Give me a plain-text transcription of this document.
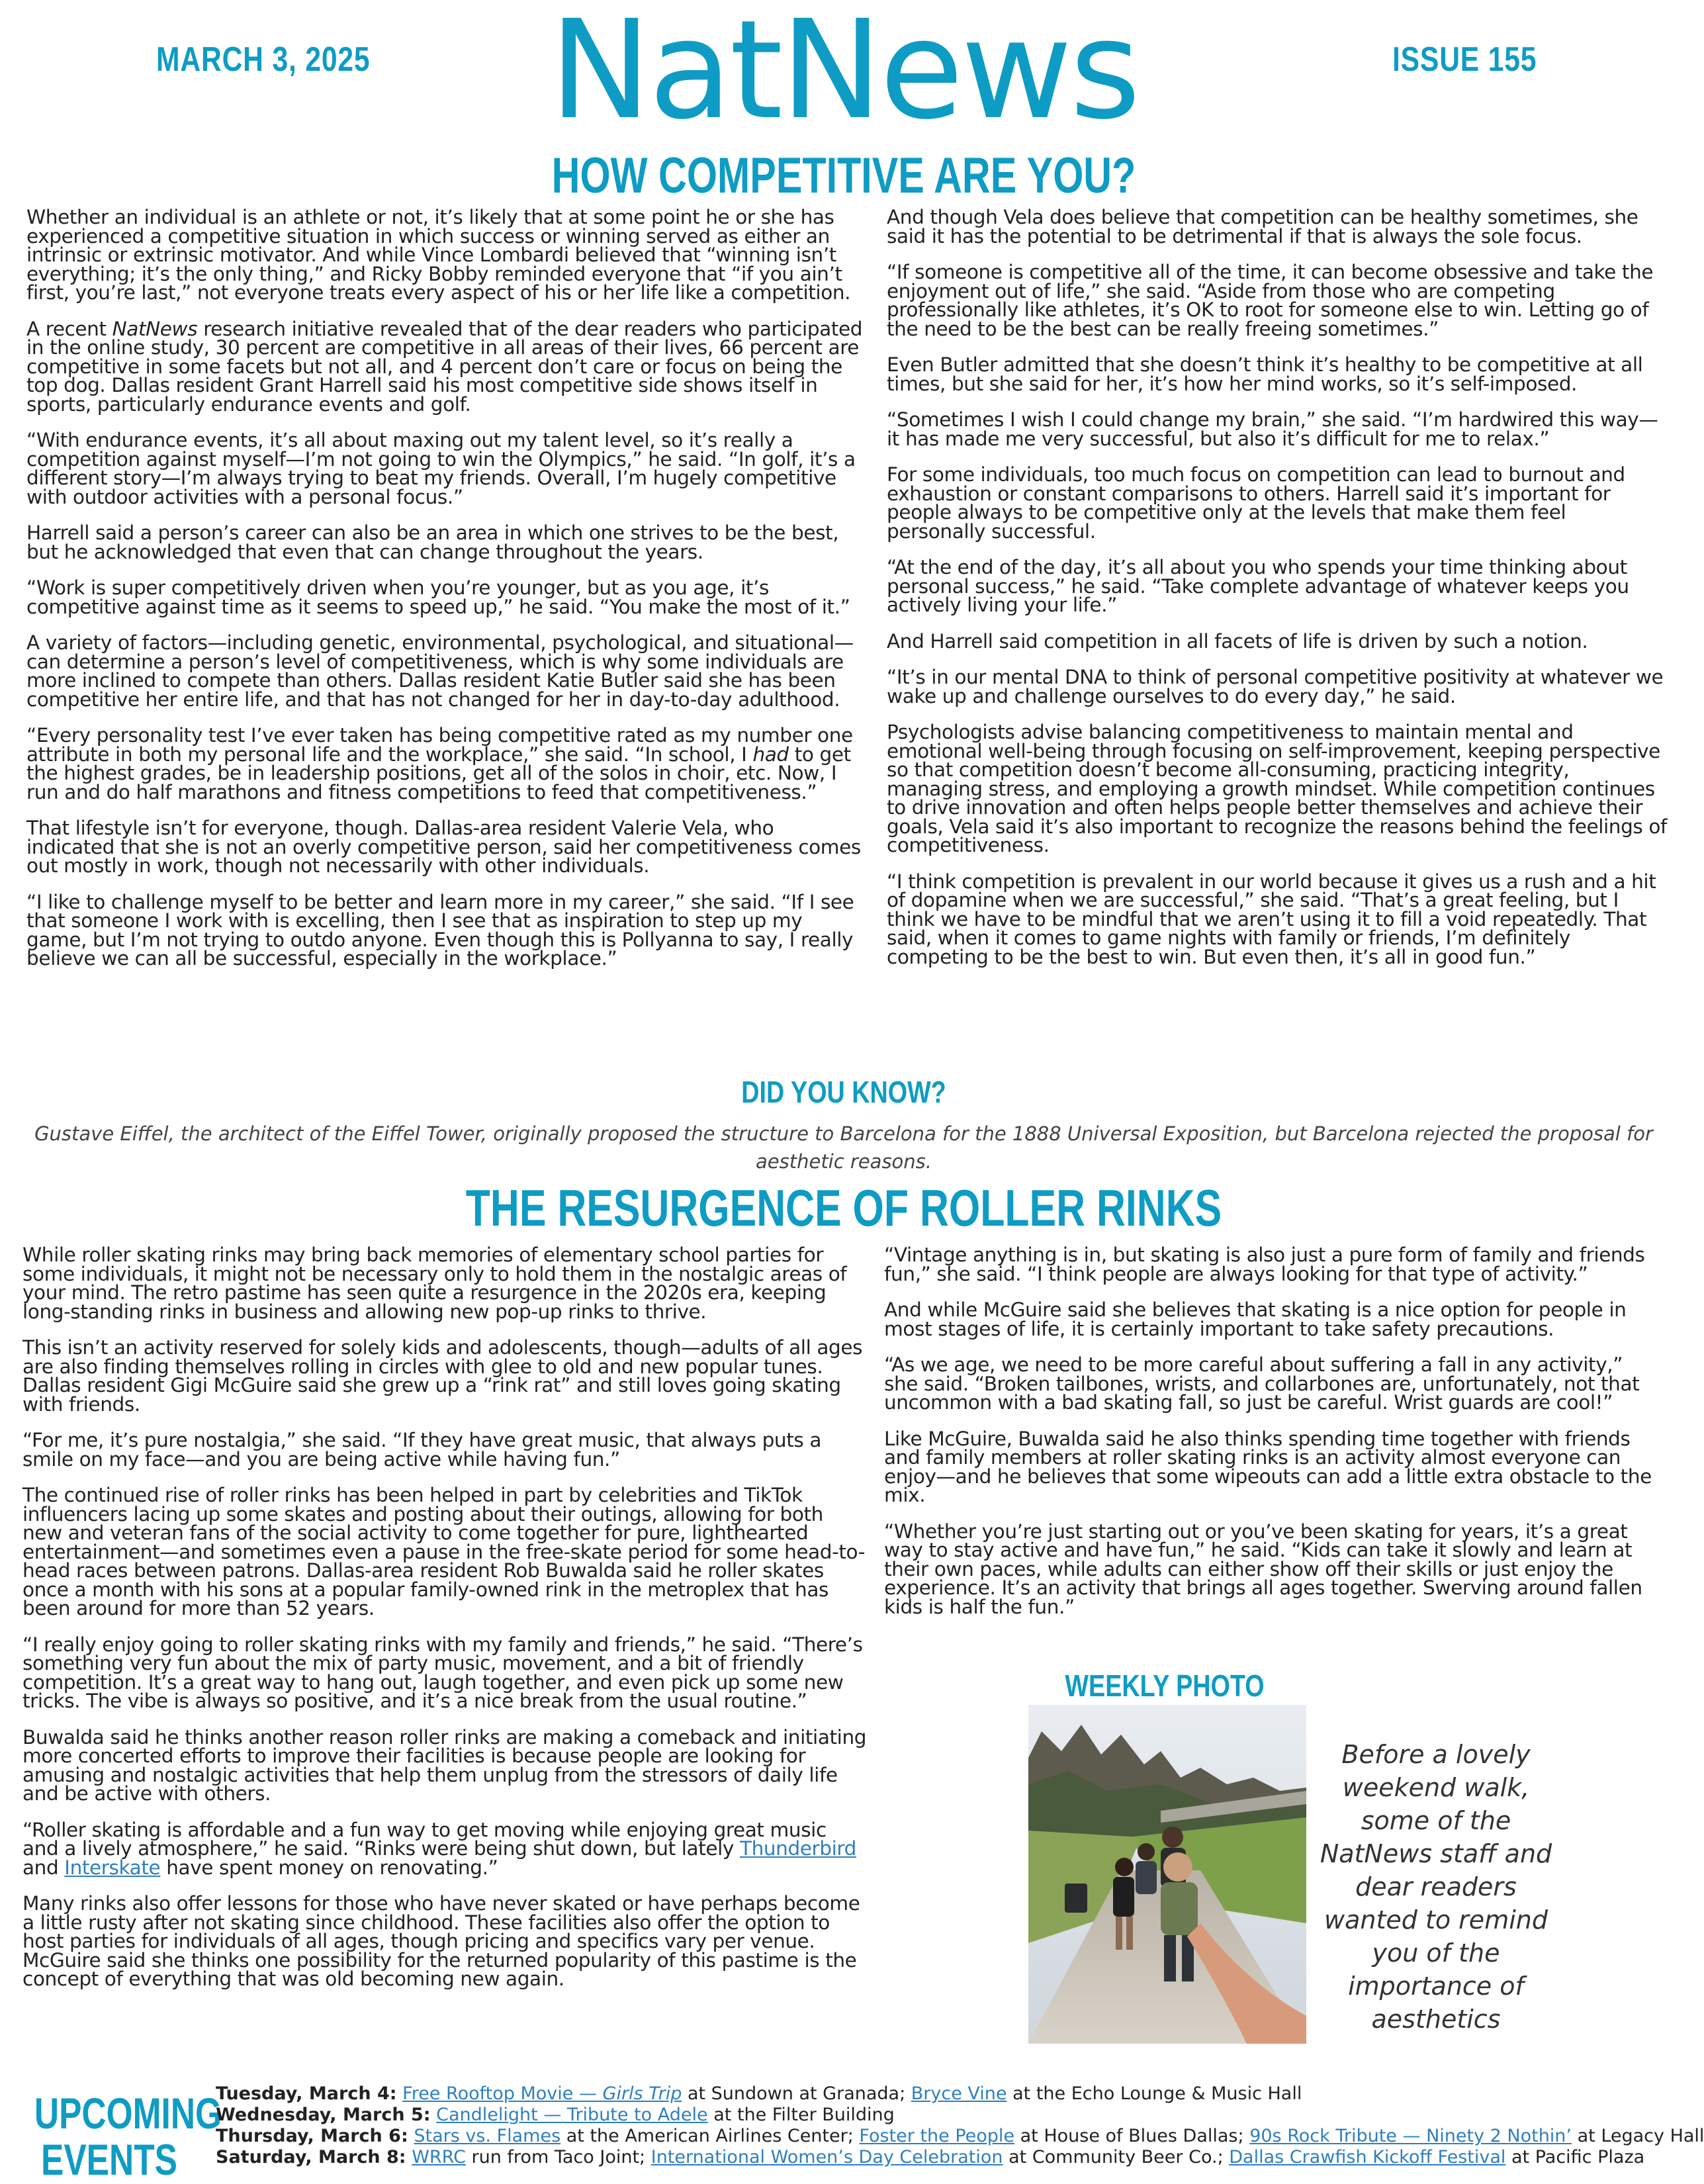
MARCH 3, 2025	NatNews	ISSUE 155
HOW COMPETITIVE ARE YOU?

Whether an individual is an athlete or not, it’s likely that at some point he or she has experienced a competitive situation in which success or winning served as either an intrinsic or extrinsic motivator. And while Vince Lombardi believed that “winning isn’t everything; it’s the only thing,” and Ricky Bobby reminded everyone that “if you ain’t first, you’re last,” not everyone treats every aspect of his or her life like a competition.

A recent NatNews research initiative revealed that of the dear readers who participated in the online study, 30 percent are competitive in all areas of their lives, 66 percent are competitive in some facets but not all, and 4 percent don’t care or focus on being the top dog. Dallas resident Grant Harrell said his most competitive side shows itself in sports, particularly endurance events and golf.

“With endurance events, it’s all about maxing out my talent level, so it’s really a competition against myself—I’m not going to win the Olympics,” he said. “In golf, it’s a different story—I’m always trying to beat my friends. Overall, I’m hugely competitive with outdoor activities with a personal focus.”

Harrell said a person’s career can also be an area in which one strives to be the best, but he acknowledged that even that can change throughout the years.

“Work is super competitively driven when you’re younger, but as you age, it’s competitive against time as it seems to speed up,” he said. “You make the most of it.”

A variety of factors—including genetic, environmental, psychological, and situational—can determine a person’s level of competitiveness, which is why some individuals are more inclined to compete than others. Dallas resident Katie Butler said she has been competitive her entire life, and that has not changed for her in day-to-day adulthood.

“Every personality test I’ve ever taken has being competitive rated as my number one attribute in both my personal life and the workplace,” she said. “In school, I had to get the highest grades, be in leadership positions, get all of the solos in choir, etc. Now, I run and do half marathons and fitness competitions to feed that competitiveness.”

That lifestyle isn’t for everyone, though. Dallas-area resident Valerie Vela, who indicated that she is not an overly competitive person, said her competitiveness comes out mostly in work, though not necessarily with other individuals.

“I like to challenge myself to be better and learn more in my career,” she said. “If I see that someone I work with is excelling, then I see that as inspiration to step up my game, but I’m not trying to outdo anyone. Even though this is Pollyanna to say, I really believe we can all be successful, especially in the workplace.”

And though Vela does believe that competition can be healthy sometimes, she said it has the potential to be detrimental if that is always the sole focus.

“If someone is competitive all of the time, it can become obsessive and take the enjoyment out of life,” she said. “Aside from those who are competing professionally like athletes, it’s OK to root for someone else to win. Letting go of the need to be the best can be really freeing sometimes.”

Even Butler admitted that she doesn’t think it’s healthy to be competitive at all times, but she said for her, it’s how her mind works, so it’s self-imposed.

“Sometimes I wish I could change my brain,” she said. “I’m hardwired this way—it has made me very successful, but also it’s difficult for me to relax.”

For some individuals, too much focus on competition can lead to burnout and exhaustion or constant comparisons to others. Harrell said it’s important for people always to be competitive only at the levels that make them feel personally successful.

“At the end of the day, it’s all about you who spends your time thinking about personal success,” he said. “Take complete advantage of whatever keeps you actively living your life.”

And Harrell said competition in all facets of life is driven by such a notion.

“It’s in our mental DNA to think of personal competitive positivity at whatever we wake up and challenge ourselves to do every day,” he said.

Psychologists advise balancing competitiveness to maintain mental and emotional well-being through focusing on self-improvement, keeping perspective so that competition doesn’t become all-consuming, practicing integrity, managing stress, and employing a growth mindset. While competition continues to drive innovation and often helps people better themselves and achieve their goals, Vela said it’s also important to recognize the reasons behind the feelings of competitiveness.

“I think competition is prevalent in our world because it gives us a rush and a hit of dopamine when we are successful,” she said. “That’s a great feeling, but I think we have to be mindful that we aren’t using it to fill a void repeatedly. That said, when it comes to game nights with family or friends, I’m definitely competing to be the best to win. But even then, it’s all in good fun.”

DID YOU KNOW?
Gustave Eiffel, the architect of the Eiffel Tower, originally proposed the structure to Barcelona for the 1888 Universal Exposition, but Barcelona rejected the proposal for aesthetic reasons.
THE RESURGENCE OF ROLLER RINKS

While roller skating rinks may bring back memories of elementary school parties for some individuals, it might not be necessary only to hold them in the nostalgic areas of your mind. The retro pastime has seen quite a resurgence in the 2020s era, keeping long-standing rinks in business and allowing new pop-up rinks to thrive.

This isn’t an activity reserved for solely kids and adolescents, though—adults of all ages are also finding themselves rolling in circles with glee to old and new popular tunes. Dallas resident Gigi McGuire said she grew up a “rink rat” and still loves going skating with friends.

“For me, it’s pure nostalgia,” she said. “If they have great music, that always puts a smile on my face—and you are being active while having fun.”

The continued rise of roller rinks has been helped in part by celebrities and TikTok influencers lacing up some skates and posting about their outings, allowing for both new and veteran fans of the social activity to come together for pure, lighthearted entertainment—and sometimes even a pause in the free-skate period for some head-to-head races between patrons. Dallas-area resident Rob Buwalda said he roller skates once a month with his sons at a popular family-owned rink in the metroplex that has been around for more than 52 years.

“I really enjoy going to roller skating rinks with my family and friends,” he said. “There’s something very fun about the mix of party music, movement, and a bit of friendly competition. It’s a great way to hang out, laugh together, and even pick up some new tricks. The vibe is always so positive, and it’s a nice break from the usual routine.”

Buwalda said he thinks another reason roller rinks are making a comeback and initiating more concerted efforts to improve their facilities is because people are looking for amusing and nostalgic activities that help them unplug from the stressors of daily life and be active with others.

“Roller skating is affordable and a fun way to get moving while enjoying great music and a lively atmosphere,” he said. “Rinks were being shut down, but lately Thunderbird and Interskate have spent money on renovating.”

Many rinks also offer lessons for those who have never skated or have perhaps become a little rusty after not skating since childhood. These facilities also offer the option to host parties for individuals of all ages, though pricing and specifics vary per venue. McGuire said she thinks one possibility for the returned popularity of this pastime is the concept of everything that was old becoming new again.

“Vintage anything is in, but skating is also just a pure form of family and friends fun,” she said. “I think people are always looking for that type of activity.”

And while McGuire said she believes that skating is a nice option for people in most stages of life, it is certainly important to take safety precautions.

“As we age, we need to be more careful about suffering a fall in any activity,” she said. “Broken tailbones, wrists, and collarbones are, unfortunately, not that uncommon with a bad skating fall, so just be careful. Wrist guards are cool!”

Like McGuire, Buwalda said he also thinks spending time together with friends and family members at roller skating rinks is an activity almost everyone can enjoy—and he believes that some wipeouts can add a little extra obstacle to the mix.

“Whether you’re just starting out or you’ve been skating for years, it’s a great way to stay active and have fun,” he said. “Kids can take it slowly and learn at their own paces, while adults can either show off their skills or just enjoy the experience. It’s an activity that brings all ages together. Swerving around fallen kids is half the fun.”

WEEKLY PHOTO
Before a lovely weekend walk, some of the NatNews staff and dear readers wanted to remind you of the importance of aesthetics
UPCOMING EVENTS
Tuesday, March 4: Free Rooftop Movie — Girls Trip at Sundown at Granada; Bryce Vine at the Echo Lounge & Music Hall
Wednesday, March 5: Candlelight — Tribute to Adele at the Filter Building
Thursday, March 6: Stars vs. Flames at the American Airlines Center; Foster the People at House of Blues Dallas; 90s Rock Tribute — Ninety 2 Nothin’ at Legacy Hall
Saturday, March 8: WRRC run from Taco Joint; International Women’s Day Celebration at Community Beer Co.; Dallas Crawfish Kickoff Festival at Pacific Plaza
